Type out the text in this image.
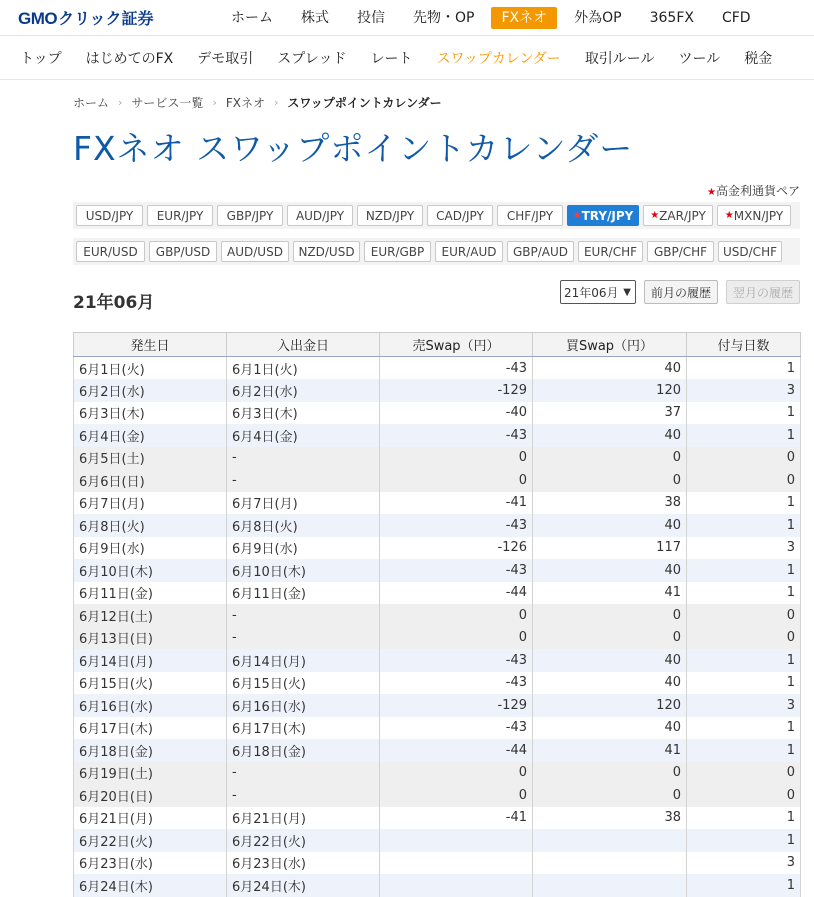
GMO クリック証券	ホーム	株式	投信	先物・OP	FXネオ	外為OP	365FX	CFD
トップ はじめてのFX デモ取引 スプレッド レート スワップカレンダー 取引ルール ツール 税金
ホーム › サービス一覧 › FXネオ › スワップポイントカレンダー
FXネオ スワップポイントカレンダー
★高金利通貨ペア
USD/JPY EUR/JPY GBP/JPY AUD/JPY NZD/JPY CAD/JPY CHF/JPY ★ TRY/JPY ★ ZAR/JPY ★ MXN/JPY
EUR/USD GBP/USD AUD/USD NZD/USD EUR/GBP EUR/AUD GBP/AUD EUR/CHF GBP/CHF USD/CHF
21年06月
21年06月 ▼	前月の履歴	翌月の履歴
発生日	入出金日	売Swap（円）	買Swap（円）	付与日数
6月1日(火)	6月1日(火)	-43	40	1
6月2日(水)	6月2日(水)	-129	120	3
6月3日(木)	6月3日(木)	-40	37	1
6月4日(金)	6月4日(金)	-43	40	1
6月5日(土)	-	0	0	0
6月6日(日)	-	0	0	0
6月7日(月)	6月7日(月)	-41	38	1
6月8日(火)	6月8日(火)	-43	40	1
6月9日(水)	6月9日(水)	-126	117	3
6月10日(木)	6月10日(木)	-43	40	1
6月11日(金)	6月11日(金)	-44	41	1
6月12日(土)	-	0	0	0
6月13日(日)	-	0	0	0
6月14日(月)	6月14日(月)	-43	40	1
6月15日(火)	6月15日(火)	-43	40	1
6月16日(水)	6月16日(水)	-129	120	3
6月17日(木)	6月17日(木)	-43	40	1
6月18日(金)	6月18日(金)	-44	41	1
6月19日(土)	-	0	0	0
6月20日(日)	-	0	0	0
6月21日(月)	6月21日(月)	-41	38	1
6月22日(火)	6月22日(火)			1
6月23日(水)	6月23日(水)			3
6月24日(木)	6月24日(木)			1
